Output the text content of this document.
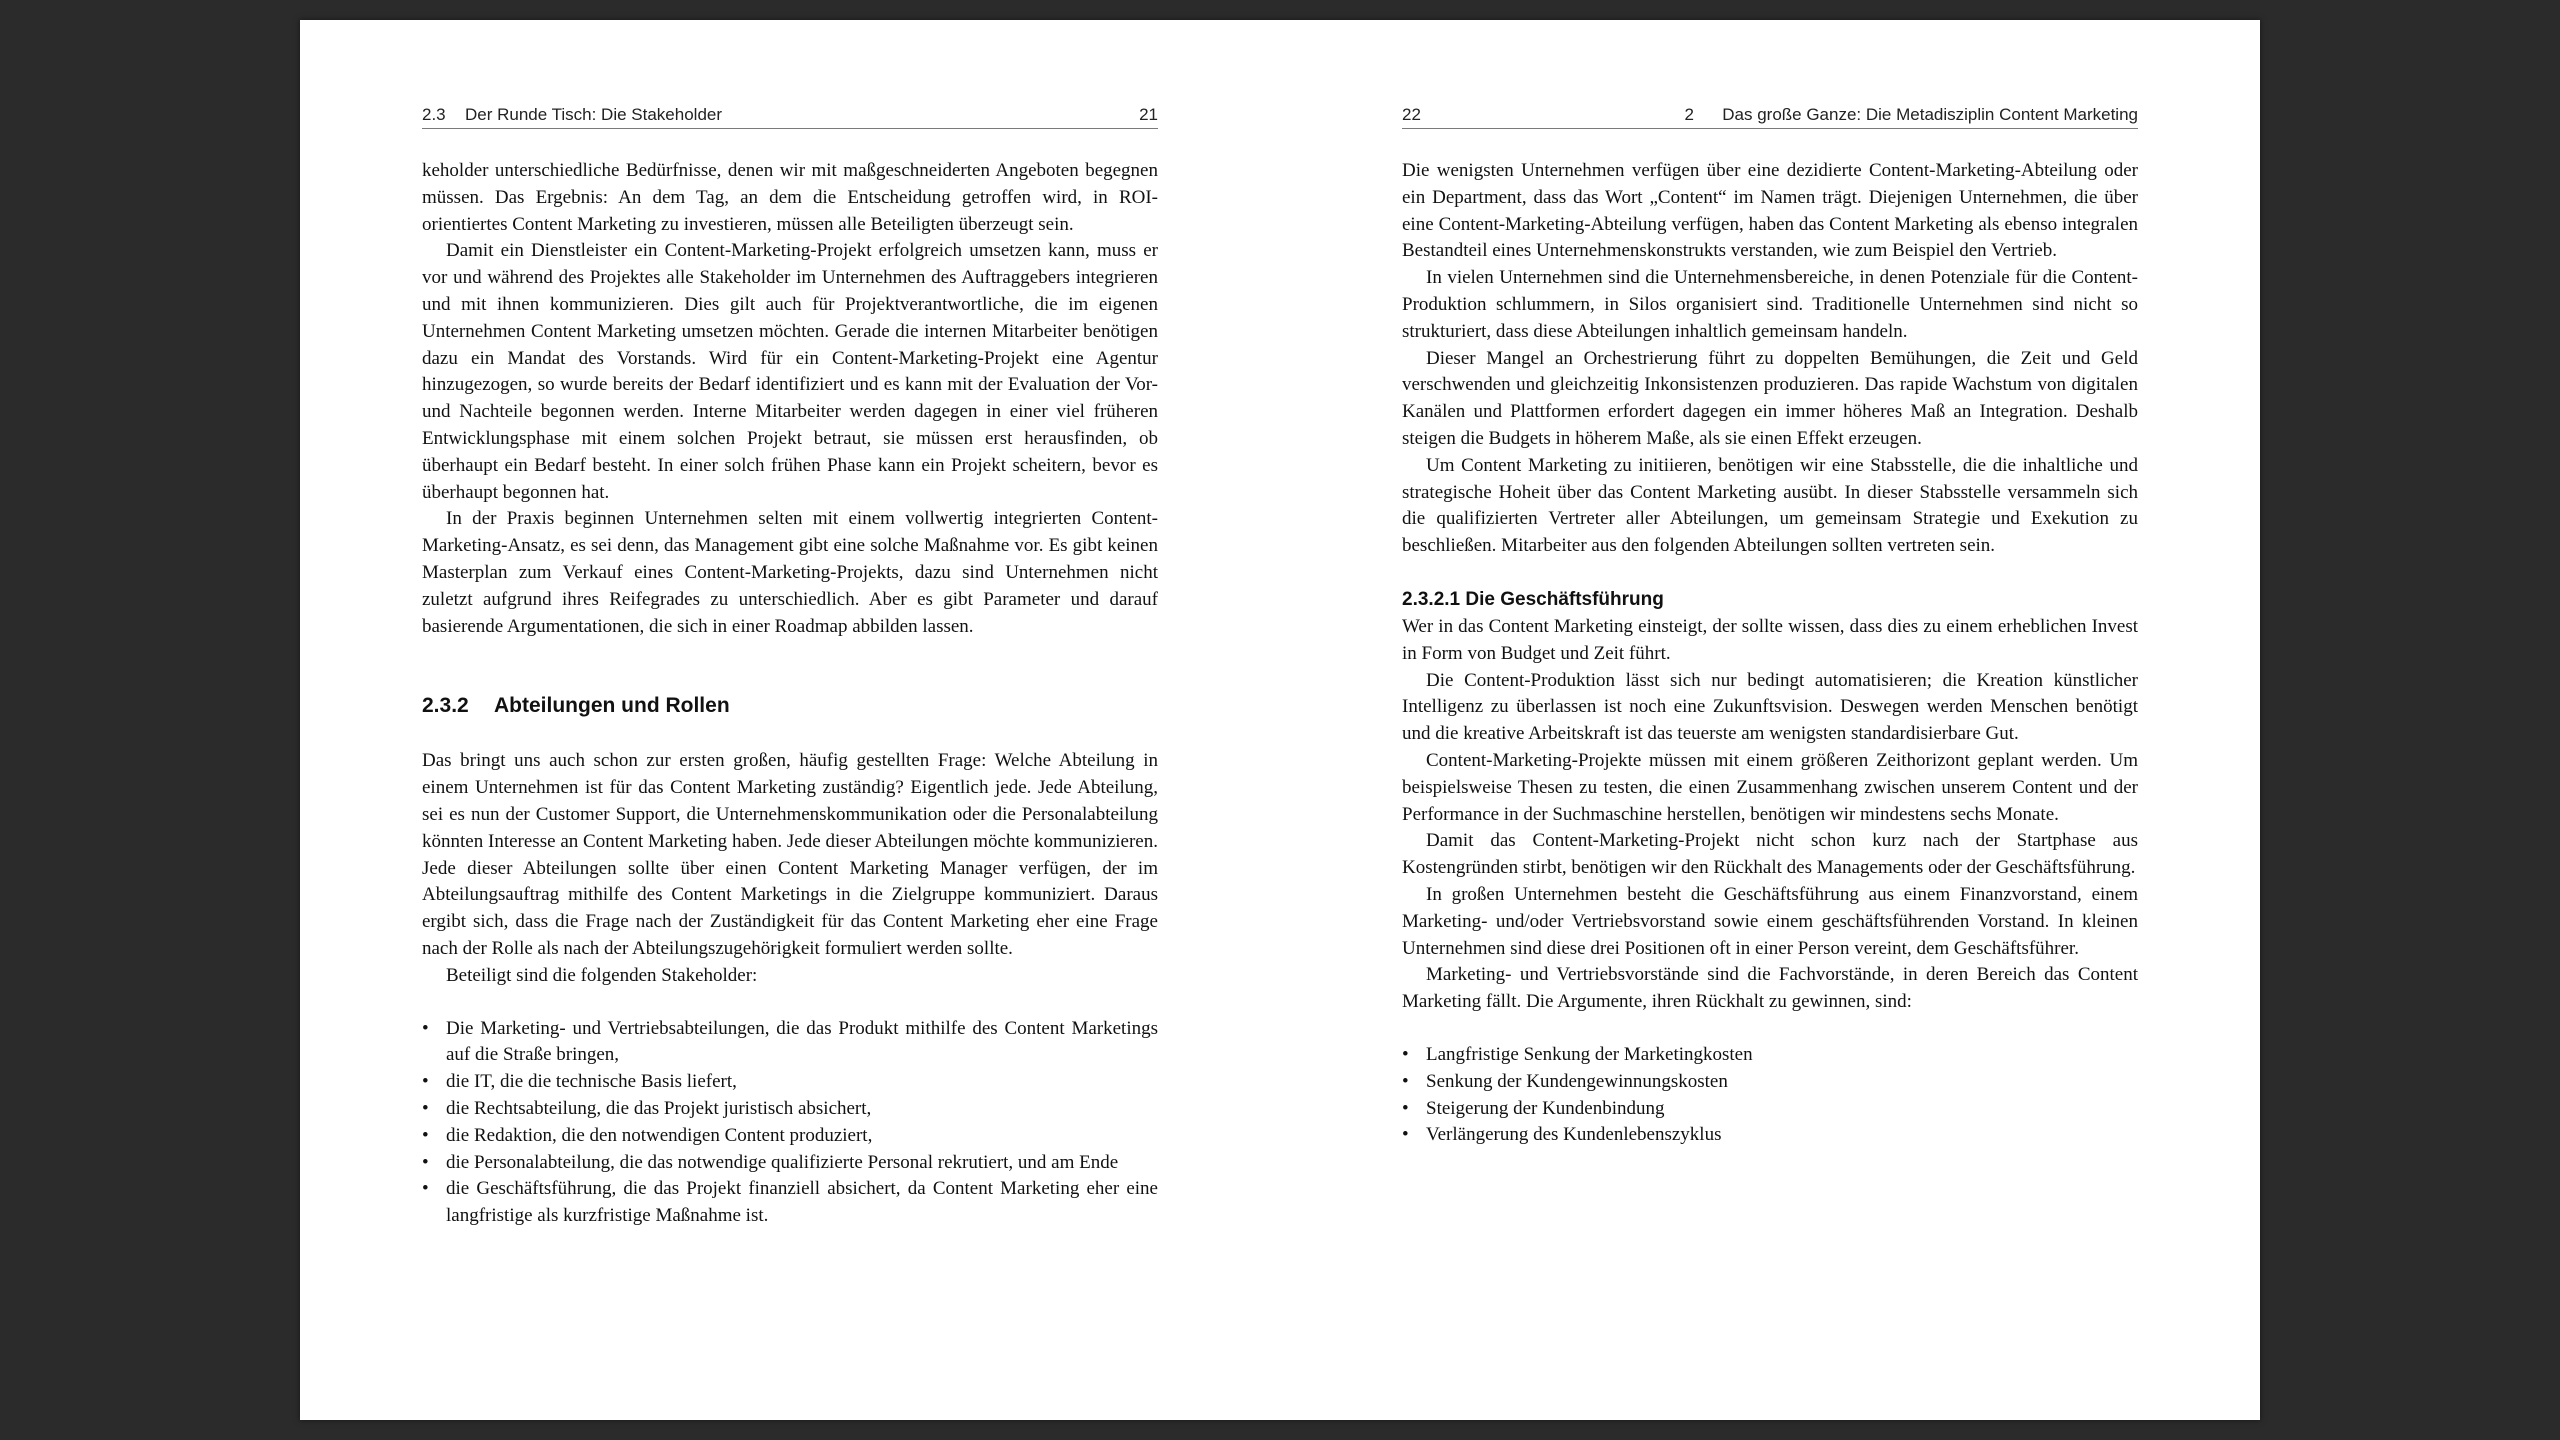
2.3 Der Runde Tisch: Die Stakeholder	21

keholder unterschiedliche Bedürfnisse, denen wir mit maßgeschneiderten Angeboten begegnen müssen. Das Ergebnis: An dem Tag, an dem die Entscheidung getroffen wird, in ROI-orientiertes Content Marketing zu investieren, müssen alle Beteiligten überzeugt sein.

Damit ein Dienstleister ein Content-Marketing-Projekt erfolgreich umsetzen kann, muss er vor und während des Projektes alle Stakeholder im Unternehmen des Auftraggebers integrieren und mit ihnen kommunizieren. Dies gilt auch für Projektverantwortliche, die im eigenen Unternehmen Content Marketing umsetzen möchten. Gerade die internen Mitarbeiter benötigen dazu ein Mandat des Vorstands. Wird für ein Content-Marketing-Projekt eine Agentur hinzugezogen, so wurde bereits der Bedarf identifiziert und es kann mit der Evaluation der Vor- und Nachteile begonnen werden. Interne Mitarbeiter werden dagegen in einer viel früheren Entwicklungsphase mit einem solchen Projekt betraut, sie müssen erst herausfinden, ob überhaupt ein Bedarf besteht. In einer solch frühen Phase kann ein Projekt scheitern, bevor es überhaupt begonnen hat.

In der Praxis beginnen Unternehmen selten mit einem vollwertig integrierten Content-Marketing-Ansatz, es sei denn, das Management gibt eine solche Maßnahme vor. Es gibt keinen Masterplan zum Verkauf eines Content-Marketing-Projekts, dazu sind Unternehmen nicht zuletzt aufgrund ihres Reifegrades zu unterschiedlich. Aber es gibt Parameter und darauf basierende Argumentationen, die sich in einer Roadmap abbilden lassen.

2.3.2 Abteilungen und Rollen

Das bringt uns auch schon zur ersten großen, häufig gestellten Frage: Welche Abteilung in einem Unternehmen ist für das Content Marketing zuständig? Eigentlich jede. Jede Abteilung, sei es nun der Customer Support, die Unternehmenskommunikation oder die Personalabteilung könnten Interesse an Content Marketing haben. Jede dieser Abteilungen möchte kommunizieren. Jede dieser Abteilungen sollte über einen Content Marketing Manager verfügen, der im Abteilungsauftrag mithilfe des Content Marketings in die Zielgruppe kommuniziert. Daraus ergibt sich, dass die Frage nach der Zuständigkeit für das Content Marketing eher eine Frage nach der Rolle als nach der Abteilungszugehörigkeit formuliert werden sollte.

Beteiligt sind die folgenden Stakeholder:

• Die Marketing- und Vertriebsabteilungen, die das Produkt mithilfe des Content Marketings auf die Straße bringen,
• die IT, die die technische Basis liefert,
• die Rechtsabteilung, die das Projekt juristisch absichert,
• die Redaktion, die den notwendigen Content produziert,
• die Personalabteilung, die das notwendige qualifizierte Personal rekrutiert, und am Ende
• die Geschäftsführung, die das Projekt finanziell absichert, da Content Marketing eher eine langfristige als kurzfristige Maßnahme ist.
22	2 Das große Ganze: Die Metadisziplin Content Marketing

Die wenigsten Unternehmen verfügen über eine dezidierte Content-Marketing-Abteilung oder ein Department, dass das Wort „Content“ im Namen trägt. Diejenigen Unternehmen, die über eine Content-Marketing-Abteilung verfügen, haben das Content Marketing als ebenso integralen Bestandteil eines Unternehmenskonstrukts verstanden, wie zum Beispiel den Vertrieb.

In vielen Unternehmen sind die Unternehmensbereiche, in denen Potenziale für die Content-Produktion schlummern, in Silos organisiert sind. Traditionelle Unternehmen sind nicht so strukturiert, dass diese Abteilungen inhaltlich gemeinsam handeln.

Dieser Mangel an Orchestrierung führt zu doppelten Bemühungen, die Zeit und Geld verschwenden und gleichzeitig Inkonsistenzen produzieren. Das rapide Wachstum von digitalen Kanälen und Plattformen erfordert dagegen ein immer höheres Maß an Integration. Deshalb steigen die Budgets in höherem Maße, als sie einen Effekt erzeugen.

Um Content Marketing zu initiieren, benötigen wir eine Stabsstelle, die die inhaltliche und strategische Hoheit über das Content Marketing ausübt. In dieser Stabsstelle versammeln sich die qualifizierten Vertreter aller Abteilungen, um gemeinsam Strategie und Exekution zu beschließen. Mitarbeiter aus den folgenden Abteilungen sollten vertreten sein.

2.3.2.1 Die Geschäftsführung

Wer in das Content Marketing einsteigt, der sollte wissen, dass dies zu einem erheblichen Invest in Form von Budget und Zeit führt.

Die Content-Produktion lässt sich nur bedingt automatisieren; die Kreation künstlicher Intelligenz zu überlassen ist noch eine Zukunftsvision. Deswegen werden Menschen benötigt und die kreative Arbeitskraft ist das teuerste am wenigsten standardisierbare Gut.

Content-Marketing-Projekte müssen mit einem größeren Zeithorizont geplant werden. Um beispielsweise Thesen zu testen, die einen Zusammenhang zwischen unserem Content und der Performance in der Suchmaschine herstellen, benötigen wir mindestens sechs Monate.

Damit das Content-Marketing-Projekt nicht schon kurz nach der Startphase aus Kostengründen stirbt, benötigen wir den Rückhalt des Managements oder der Geschäftsführung.

In großen Unternehmen besteht die Geschäftsführung aus einem Finanzvorstand, einem Marketing- und/oder Vertriebsvorstand sowie einem geschäftsführenden Vorstand. In kleinen Unternehmen sind diese drei Positionen oft in einer Person vereint, dem Geschäftsführer.

Marketing- und Vertriebsvorstände sind die Fachvorstände, in deren Bereich das Content Marketing fällt. Die Argumente, ihren Rückhalt zu gewinnen, sind:

• Langfristige Senkung der Marketingkosten
• Senkung der Kundengewinnungskosten
• Steigerung der Kundenbindung
• Verlängerung des Kundenlebenszyklus
